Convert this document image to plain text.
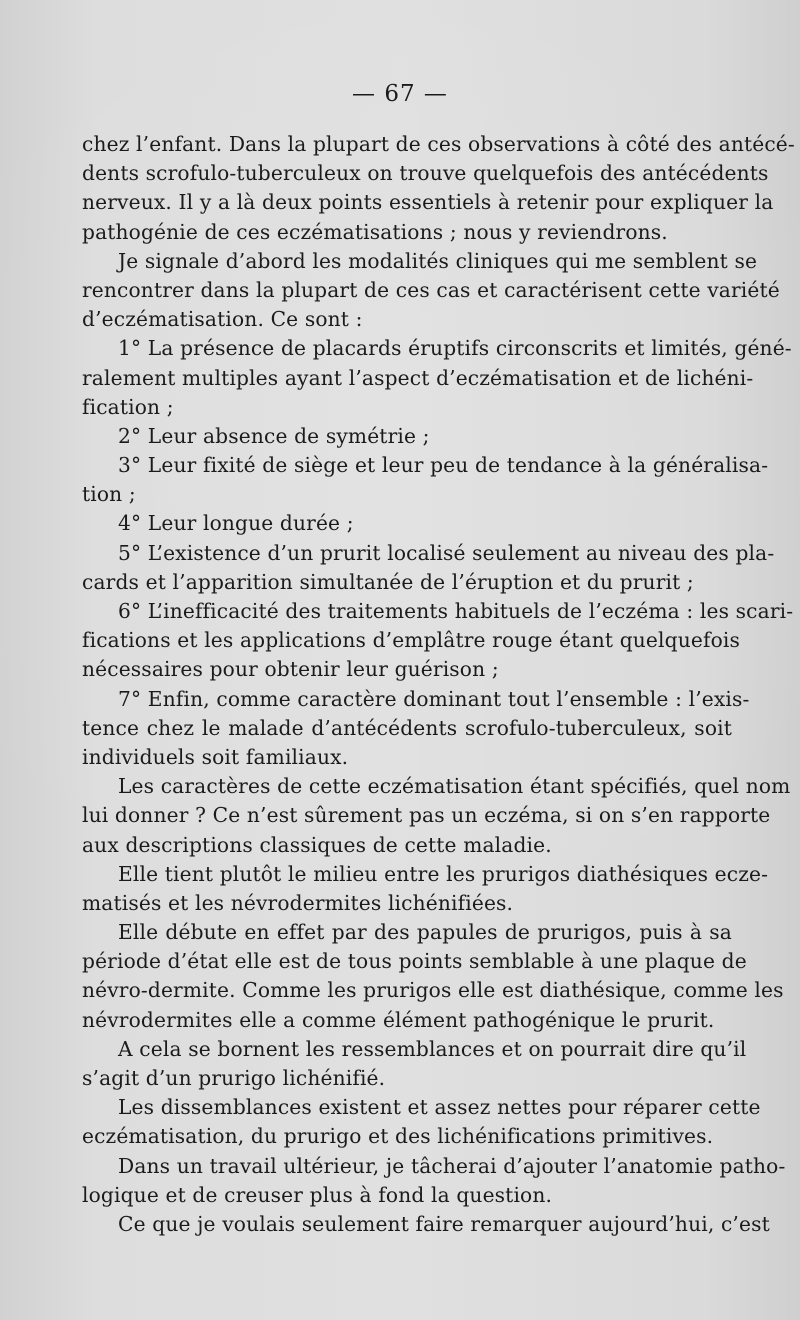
— 67 —
chez l’enfant. Dans la plupart de ces observations à côté des antécé-
dents scrofulo-tuberculeux on trouve quelquefois des antécédents
nerveux. Il y a là deux points essentiels à retenir pour expliquer la
pathogénie de ces eczématisations ; nous y reviendrons.
Je signale d’abord les modalités cliniques qui me semblent se
rencontrer dans la plupart de ces cas et caractérisent cette variété
d’eczématisation. Ce sont :
1° La présence de placards éruptifs circonscrits et limités, géné-
ralement multiples ayant l’aspect d’eczématisation et de lichéni-
fication ;
2° Leur absence de symétrie ;
3° Leur fixité de siège et leur peu de tendance à la généralisa-
tion ;
4° Leur longue durée ;
5° L’existence d’un prurit localisé seulement au niveau des pla-
cards et l’apparition simultanée de l’éruption et du prurit ;
6° L’inefficacité des traitements habituels de l’eczéma : les scari-
fications et les applications d’emplâtre rouge étant quelquefois
nécessaires pour obtenir leur guérison ;
7° Enfin, comme caractère dominant tout l’ensemble : l’exis-
tence chez le malade d’antécédents scrofulo-tuberculeux, soit
individuels soit familiaux.
Les caractères de cette eczématisation étant spécifiés, quel nom
lui donner ? Ce n’est sûrement pas un eczéma, si on s’en rapporte
aux descriptions classiques de cette maladie.
Elle tient plutôt le milieu entre les prurigos diathésiques ecze-
matisés et les névrodermites lichénifiées.
Elle débute en effet par des papules de prurigos, puis à sa
période d’état elle est de tous points semblable à une plaque de
névro-dermite. Comme les prurigos elle est diathésique, comme les
névrodermites elle a comme élément pathogénique le prurit.
A cela se bornent les ressemblances et on pourrait dire qu’il
s’agit d’un prurigo lichénifié.
Les dissemblances existent et assez nettes pour réparer cette
eczématisation, du prurigo et des lichénifications primitives.
Dans un travail ultérieur, je tâcherai d’ajouter l’anatomie patho-
logique et de creuser plus à fond la question.
Ce que je voulais seulement faire remarquer aujourd’hui, c’est
